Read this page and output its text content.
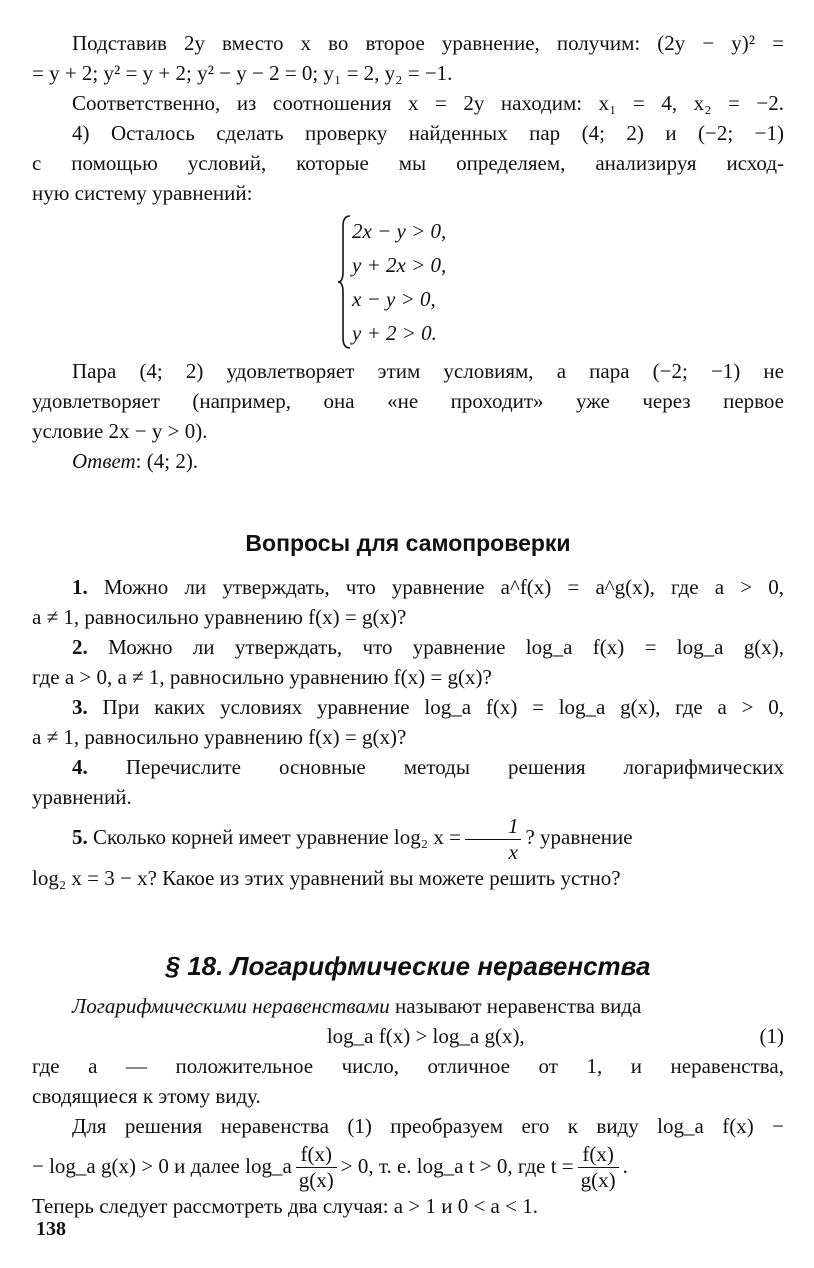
Подставив 2y вместо x во второе уравнение, получим: (2y − y)² =

= y + 2; y² = y + 2; y² − y − 2 = 0; y₁ = 2, y₂ = −1.

Соответственно, из соотношения x = 2y находим: x₁ = 4, x₂ = −2.

4) Осталось сделать проверку найденных пар (4; 2) и (−2; −1)

с помощью условий, которые мы определяем, анализируя исход-

ную систему уравнений:

2x − y > 0,

y + 2x > 0,

x − y > 0,

y + 2 > 0.

Пара (4; 2) удовлетворяет этим условиям, а пара (−2; −1) не

удовлетворяет (например, она «не проходит» уже через первое

условие 2x − y > 0).

Ответ: (4; 2).

Вопросы для самопроверки

1. Можно ли утверждать, что уравнение a^f(x) = a^g(x), где a > 0,

a ≠ 1, равносильно уравнению f(x) = g(x)?

2. Можно ли утверждать, что уравнение log_a f(x) = log_a g(x),

где a > 0, a ≠ 1, равносильно уравнению f(x) = g(x)?

3. При каких условиях уравнение log_a f(x) = log_a g(x), где a > 0,

a ≠ 1, равносильно уравнению f(x) = g(x)?

4. Перечислите основные методы решения логарифмических

уравнений.

5. Сколько корней имеет уравнение log₂ $x = \frac{1}{x}$ ? уравнение

log₂ x = 3 − x? Какое из этих уравнений вы можете решить устно?

§ 18. Логарифмические неравенства

Логарифмическими неравенствами называют неравенства вида

log_a f(x) > log_a g(x),	(1)

где a — положительное число, отличное от 1, и неравенства,

сводящиеся к этому виду.

Для решения неравенства (1) преобразуем его к виду log_a f(x) −

− log_a g(x) > 0 и далее log_a $\frac{f(x)}{g(x)} > 0$, т. е. log_a t > 0, где $t = \frac{f(x)}{g(x)}$ .

Теперь следует рассмотреть два случая: a > 1 и 0 < a < 1.

138
